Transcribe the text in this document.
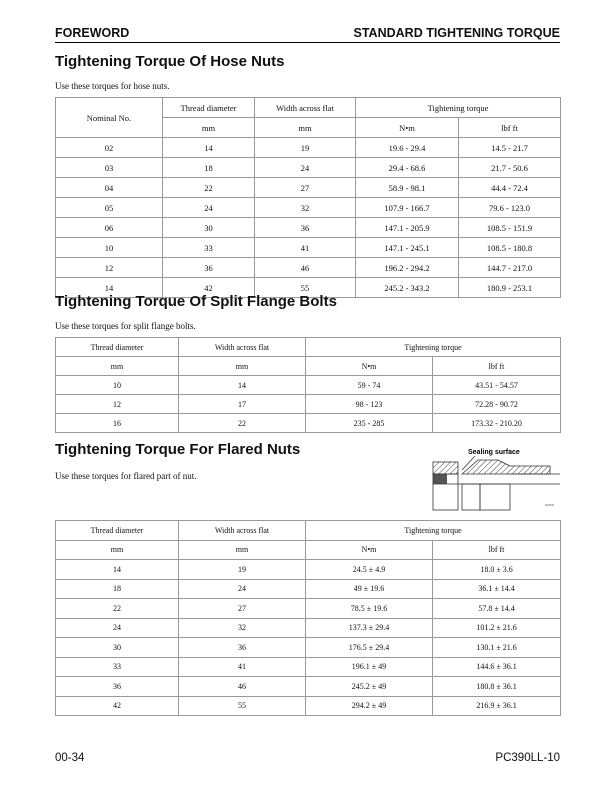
FOREWORD	STANDARD TIGHTENING TORQUE
Tightening Torque Of Hose Nuts
Use these torques for hose nuts.
Nominal No.	Thread diameter	Width across flat	Tightening torque	
	mm	mm	N•m	lbf ft
02	14	19	19.6 - 29.4	14.5 - 21.7
03	18	24	29.4 - 68.6	21.7 - 50.6
04	22	27	58.9 - 98.1	44.4 - 72.4
05	24	32	107.9 - 166.7	79.6 - 123.0
06	30	36	147.1 - 205.9	108.5 - 151.9
10	33	41	147.1 - 245.1	108.5 - 180.8
12	36	46	196.2 - 294.2	144.7 - 217.0
14	42	55	245.2 - 343.2	180.9 - 253.1
Tightening Torque Of Split Flange Bolts
Use these torques for split flange bolts.
Thread diameter	Width across flat	Tightening torque	
mm	mm	N•m	lbf ft
10	14	59 - 74	43.51 - 54.57
12	17	98 - 123	72.28 - 90.72
16	22	235 - 285	173.32 - 210.20
Tightening Torque For Flared Nuts
Use these torques for flared part of nut.
Sealing surface
000000
Thread diameter	Width across flat	Tightening torque	
mm	mm	N•m	lbf ft
14	19	24.5 ± 4.9	18.0 ± 3.6
18	24	49 ± 19.6	36.1 ± 14.4
22	27	78.5 ± 19.6	57.8 ± 14.4
24	32	137.3 ± 29.4	101.2 ± 21.6
30	36	176.5 ± 29.4	130.1 ± 21.6
33	41	196.1 ± 49	144.6 ± 36.1
36	46	245.2 ± 49	180.8 ± 36.1
42	55	294.2 ± 49	216.9 ± 36.1
00-34	PC390LL-10
